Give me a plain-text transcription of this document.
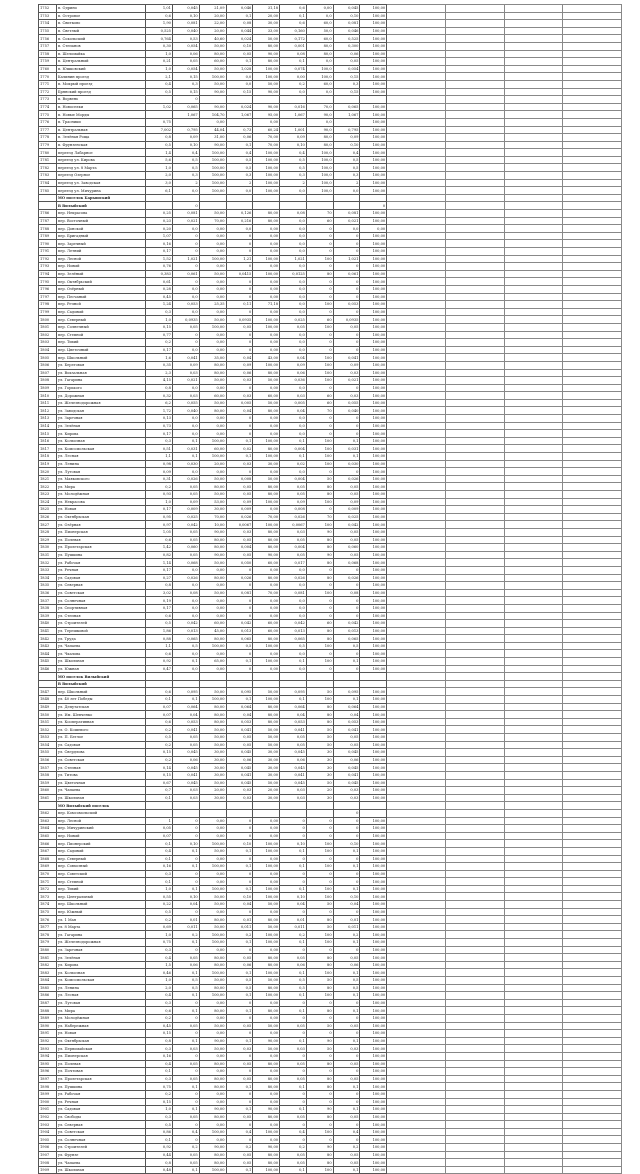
1752	п. Одрино	1,01	0,045	21,09	0,046	31,18	0,6	0,00	0,045	100,00				
1753	п. Островое	0,6	0,10	20,00	0,1	20,00	0,1	0,0	0,10	100,00				
1754	п. Свитково	1,90	0,081	22,00	0,08	30,00	0,6	60,0	0,081	100,00				
1755	п. Светлый	0,525	0,040	20,00	0,044	33,00	0,160	50,0	0,046	100,00				
1756	п. Сокольский	0,764	0,53	40,60	0,024	50,00	0,172	60,0	0,525	100,00				
1757	п. Степанов	0,30	0,054	50,00	0,10	80,00	0,001	80,0	0,300	100,00				
1758	п. Шеломайка	1,0	0,06	80,00	0,05	90,00	0,08	80,0	0,06	100,00				
1759	п. Центральный	0,21	0,05	60,00	0,1	80,00	0,1	0,0	0,05	100,00				
1760	п. Юшковский	1,0	0,054	50,00	1,028	100,00	0,074	100,0	0,054	100,00				
1770	Калинин проезд	2,1	0,15	100,00	0,0	100,00	0,00	100,0	0,15	100,00				
1771	п. Мокрый проезд	0,4	0,3	50,00	0,0	50,00	0,2	60,0	0,3	100,00				
1772	Брянский проезд	0,5	0,15	90,00	0,15	90,00	0,0	0,0	0,15	100,00				
1773	п. Ворвень		0											
1774	п. Новоселки	1,02	0,065	90,00	0,024	90,00	0,016	70,0	0,065	100,00				
1775	п. Новые Морды		1,067	104,70	1,067	95,00	1,067	90,0	1,067	100,00				
1776	п. Трасники	0,75		0,00		0,00		0,0		100,00				
1777	п. Центральная	7,002	0,795	44,04	0,73	60,24	1,001	90,0	0,795	100,00				
1778	п. Зелёная Роща	0,8	0,09	31,00	0,06	70,00	0,09	80,0	0,09	100,00				
1779	п. Фрунзенская	0,5	0,10	90,00	0,1	70,00	0,10	80,0	0,10	100,00				
1780	переезд Лабарное	1,4	0,4	100,00	0,4	100,00	0,4	100,0	0,4	100,00				
1781	переезд ул. Кирова	5,6	0,5	100,00	0,5	100,00	0,5	100,0	0,5	100,00				
1782	переезд ул. 8 Марта	1,0	0,5	100,00	0,5	100,00	0,5	100,0	0,5	100,00				
1783	переезд Озерное	2,0	0,3	100,00	0,3	100,00	0,3	100,0	0,3	100,00				
1784	переезд ул. Заводская	3,0	2	100,00	2	100,00	2	100,0	2	100,00				
1785	переезд ул. Мичурина	6,1	0,0	100,00	0,0	100,00	0,0	100,0	0,0	100,00				
	МО поселок Барышский													
	В Вилыйский		0							0				
1786	пер. Некрасова	0,25	0,081	50,00	0,126	80,00	0,08	70	0,081	100,00				
1787	пер. Восточный	0,23	0,021	70,00	0,216	80,00	0,0	60	0,021	100,00				
1788	пер. Донской	0,20	0,0	0,00	0,0	0,00	0,0	0	0,0	0,00				
1789	пер. Бригадный	1,07	0	0,00	0	0,00	0,0	0	0	100,00				
1790	пер. Заречный	0,16	0	0,00	0	0,00	0,0	0	0	100,00				
1791	пер. Летний	0,17	0	0,00	0	0,00	0,0	0	0	100,00				
1792	пер. Лесной	1,52	1,021	100,00	1,21	100,00	1,021	100	1,021	100,00				
1793	пер. Новый	0,76	0	0,00	0	0,00	0,0	0	0	100,00				
1794	пер. Зелёный	0,383	0,061	50,00	0,0415	100,00	0,0125	80	0,061	100,00				
1795	пер. Октябрьский	0,61	0	0,00	0	0,00	0,0	0	0	100,00				
1796	пер. Озёрный	0,28	0,0	0,00	0	0,00	0,0	0	0	100,00				
1797	пер. Песчаный	0,45	0,0	0,00	0	0,00	0,0	0	0	100,00				
1798	пер. Речной	1,24	0,053	25,35	0,11	71,18	0,0	100	0,053	100,00				
1799	пер. Садовый	0,3	0,0	0,00	0	0,00	0,0	0	0	100,00				
1800	пер. Северный	1,0	0,0935	50,00	0,0935	100,00	0,025	60	0,0935	100,00				
1801	пер. Солнечный	0,15	0,05	100,00	0,05	100,00	0,05	100	0,05	100,00				
1802	пер. Степной	0,77	0	0,00	0	0,00	0,0	0	0	100,00				
1803	пер. Тихий	0,2	0	0,00	0	0,00	0,0	0	0	100,00				
1804	пер. Цветочный	0,17	0,0	0,00	0	0,00	0,0	0	0	100,00				
1805	пер. Школьный	1,6	0,041	35,00	0,04	43,00	0,04	100	0,041	100,00				
1806	ул. Береговая	0,35	0,09	80,00	0,09	100,00	0,09	100	0,09	100,00				
1807	ул. Вокзальная	2,3	0,03	80,00	0,06	80,00	0,06	100	0,03	100,00				
1808	ул. Гагарина	4,15	0,021	50,00	0,03	50,00	0,036	100	0,021	100,00				
1809	ул. Горького	0,8	0,0	0,00	0	0,00	0,0	0	0	100,00				
1810	ул. Дорожная	0,32	0,03	60,00	0,03	60,00	0,03	60	0,03	100,00				
1811	ул. Железнодорожная	6,2	0,055	50,00	0,005	50,00	0,005	60	0,055	100,00				
1812	ул. Заводская	1,72	0,040	80,00	0,04	80,00	0,04	70	0,040	100,00				
1813	ул. Заречная	0,13	0,0	0,00	0	0,00	0,0	0	0	100,00				
1814	ул. Зелёная	0,73	0,0	0,00	0	0,00	0,0	0	0	100,00				
1815	ул. Кирова	0,17	0,0	0,00	0	0,00	0,0	0	0	100,00				
1816	ул. Колхозная	0,3	0,1	100,00	0,1	100,00	0,1	100	0,1	100,00				
1817	ул. Комсомольская	0,51	0,031	60,00	0,02	80,00	0,004	100	0,031	100,00				
1818	ул. Лесная	1,1	0,1	100,00	0,1	100,00	0,1	100	0,1	100,00				
1819	ул. Ленина	0,98	0,030	20,00	0,03	30,00	0,02	100	0,030	100,00				
1820	ул. Луговая	0,09	0,0	0,00	0	0,00	0,0	0	0	100,00				
1821	ул. Маяковского	0,31	0,026	50,00	0,008	50,00	0,004	50	0,026	100,00				
1822	ул. Мира	0,2	0,05	80,00	0,05	80,00	0,05	80	0,05	100,00				
1823	ул. Молодёжная	0,93	0,05	50,00	0,05	80,00	0,05	80	0,05	100,00				
1824	ул. Некрасова	1,0	0,09	53,00	0,09	100,00	0,09	100	0,09	100,00				
1825	ул. Новая	0,17	0,009	30,00	0,009	0,00	0,008	0	0,009	100,00				
1826	ул. Октябрьская	0,95	0,025	70,00	0,026	70,00	0,026	70	0,025	100,00				
1827	ул. Озёрная	0,97	0,042	10,00	0,0067	100,00	0,0067	100	0,042	100,00				
1828	ул. Пионерская	1,05	0,05	90,00	0,03	80,00	0,03	90	0,05	100,00				
1829	ул. Полевая	0,6	0,05	80,00	0,05	80,00	0,05	80	0,05	100,00				
1830	ул. Пролетарская	1,42	0,060	80,00	0,004	80,00	0,004	80	0,060	100,00				
1831	ул. Пушкина	0,82	0,05	90,00	0,05	90,00	0,05	90	0,05	100,00				
1832	ул. Рабочая	1,14	0,068	50,00	0,050	60,00	0,017	80	0,068	100,00				
1833	ул. Речная	0,17	0,0	0,00	0	0,00	0,0	0	0	100,00				
1834	ул. Садовая	0,27	0,026	80,00	0,026	80,00	0,026	80	0,026	100,00				
1835	ул. Северная	0,8	0,0	0,00	0	0,00	0,0	0	0	100,00				
1836	ул. Советская	3,02	0,08	50,00	0,081	70,00	0,081	100	0,08	100,00				
1837	ул. Солнечная	0,19	0,0	0,00	0	0,00	0,0	0	0	100,00				
1838	ул. Спортивная	0,17	0,0	0,00	0	0,00	0,0	0	0	100,00				
1839	ул. Степная	0,6	0,0	0,00	0	0,00	0,0	0	0	100,00				
1840	ул. Строителей	0,5	0,042	60,00	0,042	60,00	0,042	60	0,042	100,00				
1841	ул. Терешковой	1,86	0,013	45,00	0,013	60,00	0,013	80	0,013	100,00				
1842	ул. Труда	0,88	0,065	80,00	0,065	80,00	0,065	80	0,065	100,00				
1843	ул. Чапаева	1,1	0,5	100,00	0,5	100,00	0,5	100	0,5	100,00				
1844	ул. Чкалова	0,6	0,0	0,00	0	0,00	0,0	0	0	100,00				
1845	ул. Школьная	0,92	0,1	65,00	0,1	100,00	0,1	100	0,1	100,00				
1846	ул. Южная	0,47	0,0	0,00	0	0,00	0,0	0	0	100,00				
	МО поселок Вилыйский													
	В Вилыйский													
1847	пер. Школьный	0,6	0,095	50,00	0,095	50,00	0,095	50	0,095	100,00				
1848	ул. 40 лет Победы	0,1	0,1	100,00	0,1	100,00	0,1	100	0,1	100,00				
1849	ул. Депутатская	0,07	0,064	80,00	0,064	80,00	0,064	80	0,064	100,00				
1850	ул. Им. Шевченко	0,07	0,04	80,00	0,04	80,00	0,04	80	0,04	100,00				
1851	ул. Кооперативная	0,6	0,053	80,00	0,053	80,00	0,053	80	0,053	100,00				
1852	ул. О. Кошевого	0,2	0,041	50,00	0,041	50,00	0,041	50	0,041	100,00				
1853	ул. П. Беглое	0,5	0,05	50,00	0,05	50,00	0,05	50	0,05	100,00				
1854	ул. Садовая	0,2	0,05	50,00	0,05	50,00	0,05	50	0,05	100,00				
1855	ул. Свердлова	0,15	0,045	30,00	0,045	30,00	0,045	30	0,045	100,00				
1856	ул. Советская	0,2	0,06	30,00	0,06	30,00	0,06	30	0,06	100,00				
1857	ул. Степная	0,14	0,045	30,00	0,045	30,00	0,045	30	0,045	100,00				
1858	ул. Титова	0,15	0,041	30,00	0,041	30,00	0,041	30	0,041	100,00				
1859	ул. Цветочная	0,67	0,045	50,00	0,045	50,00	0,045	50	0,045	100,00				
1860	ул. Чапаева	0,7	0,03	20,00	0,03	20,00	0,03	20	0,03	100,00				
1861	ул. Школьная	0,1	0,03	30,00	0,03	30,00	0,03	30	0,03	100,00				
	МО Вилыйский поселок													
1862	пер. Комсомольский								0					
1863	пер. Лесной	1	0	0,00	0	0,00	0	0	0	100,00				
1864	пер. Мичуринский	0,05	0	0,00	0	0,00	0	0	0	100,00				
1865	пер. Новый	0,07	0	0,00	0	0,00	0	0	0	100,00				
1866	пер. Пионерский	0,1	0,10	100,00	0,10	100,00	0,10	100	0,10	100,00				
1867	пер. Садовый	0,4	0,1	50,00	0,1	100,00	0,1	100	0,1	100,00				
1868	пер. Северный	0,1	0	0,00	0	0,00	0	0	0	100,00				
1869	пер. Совхозный	0,16	0,1	100,00	0,1	100,00	0,1	100	0,1	100,00				
1870	пер. Советский	0,3	0	0,00	0	0,00	0	0	0	100,00				
1871	пер. Степной	0,1	0	0,00	0	0,00	0	0	0	100,00				
1872	пер. Тихий	1,0	0,1	100,00	0,1	100,00	0,1	100	0,1	100,00				
1873	пер. Центральный	0,55	0,10	50,00	0,10	100,00	0,10	100	0,10	100,00				
1874	пер. Школьный	0,22	0,04	50,00	0,04	50,00	0,04	50	0,04	100,00				
1875	пер. Южный	0,5	0	0,00	0	0,00	0	0	0	100,00				
1876	ул. 1 Мая	0,2	0,01	80,00	0,01	80,00	0,01	80	0,01	100,00				
1877	ул. 8 Марта	0,69	0,011	50,00	0,011	50,00	0,011	50	0,011	100,00				
1878	ул. Гагарина	1,0	0,2	100,00	0,2	100,00	0,2	100	0,2	100,00				
1879	ул. Железнодорожная	0,75	0,1	100,00	0,1	100,00	0,1	100	0,1	100,00				
1880	ул. Заречная	0,3	0	0,00	0	0,00	0	0	0	100,00				
1881	ул. Зелёная	0,4	0,05	80,00	0,05	80,00	0,05	80	0,05	100,00				
1882	ул. Кирова	1,5	0,06	80,00	0,06	80,00	0,06	80	0,06	100,00				
1883	ул. Колхозная	0,46	0,1	100,00	0,1	100,00	0,1	100	0,1	100,00				
1884	ул. Комсомольская	1,0	0,5	50,00	0,5	50,00	0,5	50	0,5	100,00				
1885	ул. Ленина	2,0	0,5	80,00	0,5	80,00	0,5	80	0,5	100,00				
1886	ул. Лесная	0,4	0,1	100,00	0,1	100,00	0,1	100	0,1	100,00				
1887	ул. Луговая	0,3	0	0,00	0	0,00	0	0	0	100,00				
1888	ул. Мира	0,6	0,1	80,00	0,1	80,00	0,1	80	0,1	100,00				
1889	ул. Молодёжная	0,2	0	0,00	0	0,00	0	0	0	100,00				
1890	ул. Набережная	0,45	0,05	50,00	0,05	50,00	0,05	50	0,05	100,00				
1891	ул. Новая	0,15	0	0,00	0	0,00	0	0	0	100,00				
1892	ул. Октябрьская	0,8	0,1	90,00	0,1	90,00	0,1	90	0,1	100,00				
1893	ул. Первомайская	0,3	0,03	50,00	0,03	50,00	0,03	50	0,03	100,00				
1894	ул. Пионерская	0,16	0	0,00	0	0,00	0	0	0	100,00				
1895	ул. Полевая	0,4	0,05	80,00	0,05	80,00	0,05	80	0,05	100,00				
1896	ул. Почтовая	0,1	0	0,00	0	0,00	0	0	0	100,00				
1897	ул. Пролетарская	0,3	0,05	80,00	0,05	80,00	0,05	80	0,05	100,00				
1898	ул. Пушкина	0,75	0,1	80,00	0,1	80,00	0,1	80	0,1	100,00				
1899	ул. Рабочая	0,2	0	0,00	0	0,00	0	0	0	100,00				
1900	ул. Речная	0,15	0	0,00	0	0,00	0	0	0	100,00				
1901	ул. Садовая	1,0	0,1	90,00	0,1	90,00	0,1	90	0,1	100,00				
1902	ул. Свободы	0,3	0,05	80,00	0,05	80,00	0,05	80	0,05	100,00				
1903	ул. Северная	0,5	0	0,00	0	0,00	0	0	0	100,00				
1904	ул. Советская	0,86	0,4	100,00	0,4	100,00	0,4	100	0,4	100,00				
1905	ул. Солнечная	0,1	0	0,00	0	0,00	0	0	0	100,00				
1906	ул. Строителей	0,92	0,2	90,00	0,2	90,00	0,2	90	0,2	100,00				
1907	ул. Фрунзе	0,44	0,05	80,00	0,05	80,00	0,05	80	0,05	100,00				
1908	ул. Чапаева	0,8	0,05	80,00	0,05	80,00	0,05	80	0,05	100,00				
1909	ул. Школьная	0,48	0,1	100,00	0,1	100,00	0,1	100	0,1	100,00				
